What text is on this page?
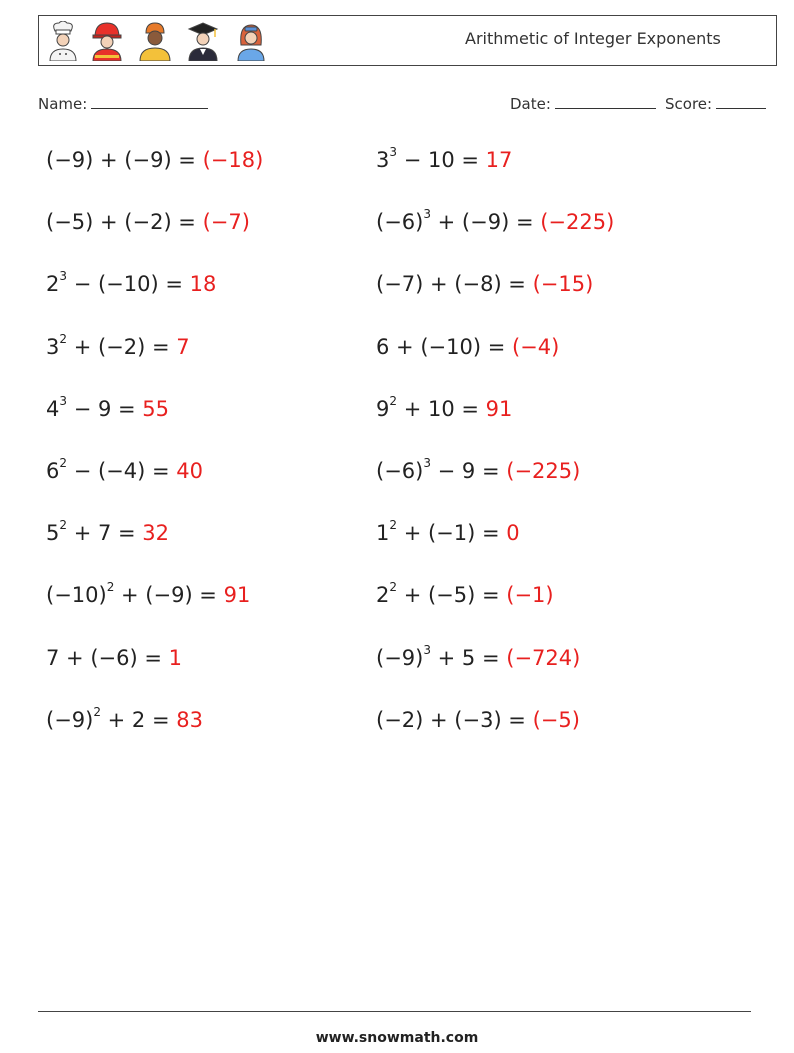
Arithmetic of Integer Exponents
Name:	Date:	Score:
(−9) + (−9) = (−18)	$3^3 - 10 = 17$
(−5) + (−2) = (−7)	$(-6)^3 + (-9) = (-225)$
$2^3 - (-10) = 18$	(−7) + (−8) = (−15)
$3^2 + (-2) = 7$	6 + (−10) = (−4)
$4^3 - 9 = 55$	$9^2 + 10 = 91$
$6^2 - (-4) = 40$	$(-6)^3 - 9 = (-225)$
$5^2 + 7 = 32$	$1^2 + (-1) = 0$
$(-10)^2 + (-9) = 91$	$2^2 + (-5) = (-1)$
7 + (−6) = 1	$(-9)^3 + 5 = (-724)$
$(-9)^2 + 2 = 83$	(−2) + (−3) = (−5)
www.snowmath.com
